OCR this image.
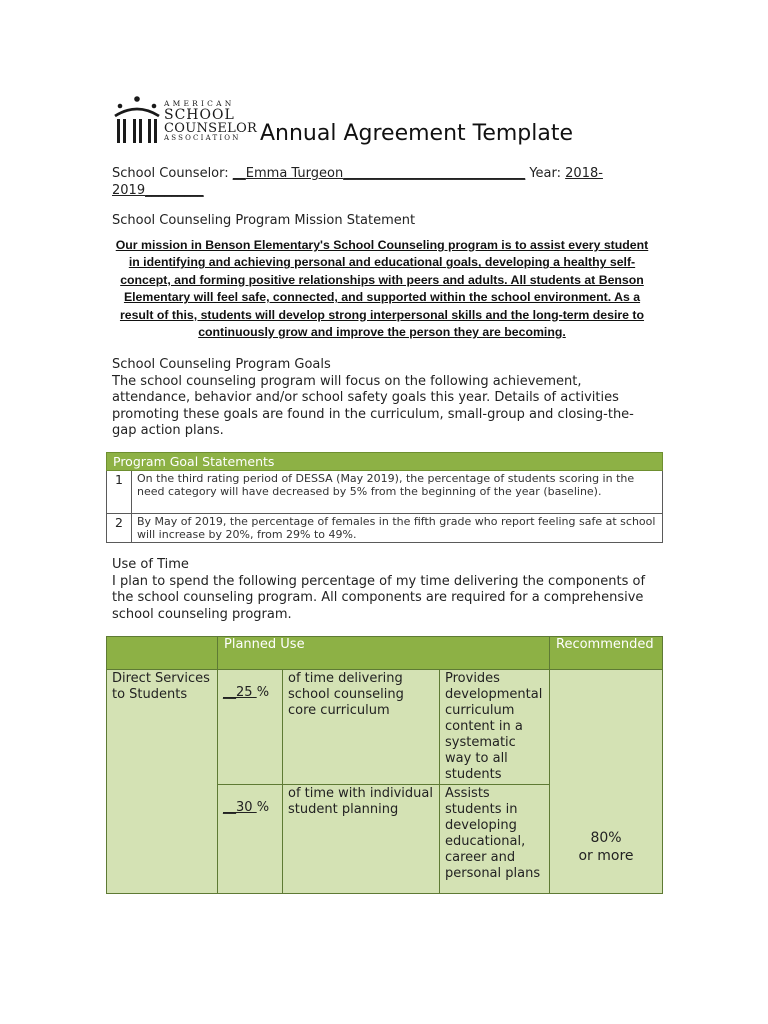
AMERICAN
SCHOOL
COUNSELOR
ASSOCIATION Annual Agreement Template
School Counselor: __Emma Turgeon____________________________ Year: 2018-
2019_________
School Counseling Program Mission Statement
Our mission in Benson Elementary's School Counseling program is to assist every student in identifying and achieving personal and educational goals, developing a healthy self-concept, and forming positive relationships with peers and adults. All students at Benson Elementary will feel safe, connected, and supported within the school environment. As a result of this, students will develop strong interpersonal skills and the long-term desire to continuously grow and improve the person they are becoming.
School Counseling Program Goals
The school counseling program will focus on the following achievement, attendance, behavior and/or school safety goals this year. Details of activities promoting these goals are found in the curriculum, small-group and closing-the-gap action plans.
Program Goal Statements	
1	On the third rating period of DESSA (May 2019), the percentage of students scoring in the need category will have decreased by 5% from the beginning of the year (baseline).
2	By May of 2019, the percentage of females in the fifth grade who report feeling safe at school will increase by 20%, from 29% to 49%.
Use of Time
I plan to spend the following percentage of my time delivering the components of the school counseling program. All components are required for a comprehensive school counseling program.
	Planned Use			Recommended
Direct Services to Students	__25 %	of time delivering school counseling core curriculum	Provides developmental curriculum content in a systematic way to all students	80%
or more

	__30 %	of time with individual student planning	Assists students in developing educational, career and personal plans	
